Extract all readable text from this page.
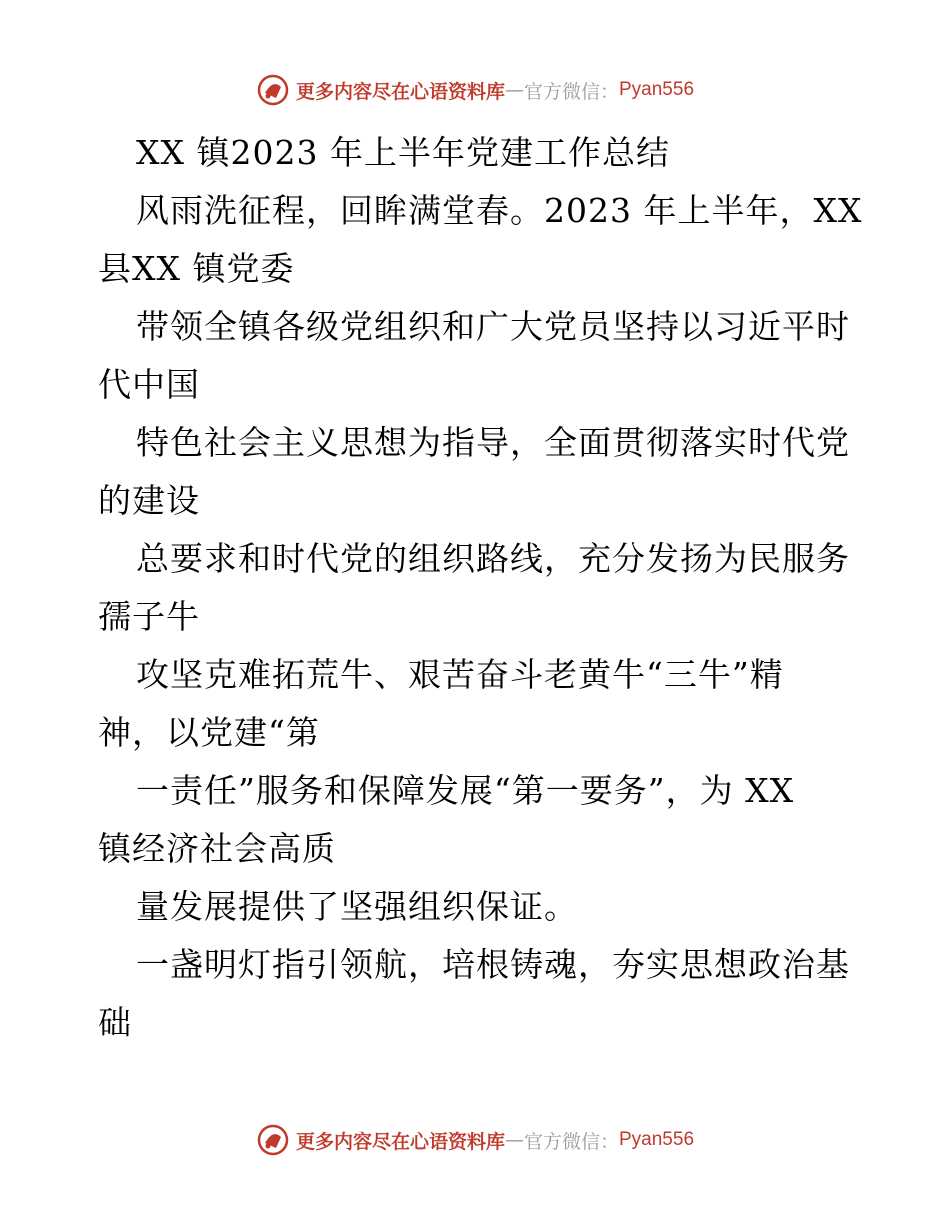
更多内容尽在心语资料库 — 官方微信： Pyan556
XX 镇2023 年上半年党建工作总结
风雨洗征程，回眸满堂春。2023 年上半年，XX
县XX 镇党委
带领全镇各级党组织和广大党员坚持以习近平时
代中国
特色社会主义思想为指导，全面贯彻落实时代党
的建设
总要求和时代党的组织路线，充分发扬为民服务
孺子牛
攻坚克难拓荒牛、艰苦奋斗老黄牛“三牛”精
神，以党建“第
一责任”服务和保障发展“第一要务”，为 XX
镇经济社会高质
量发展提供了坚强组织保证。
一盏明灯指引领航，培根铸魂，夯实思想政治基
础
更多内容尽在心语资料库 — 官方微信： Pyan556
